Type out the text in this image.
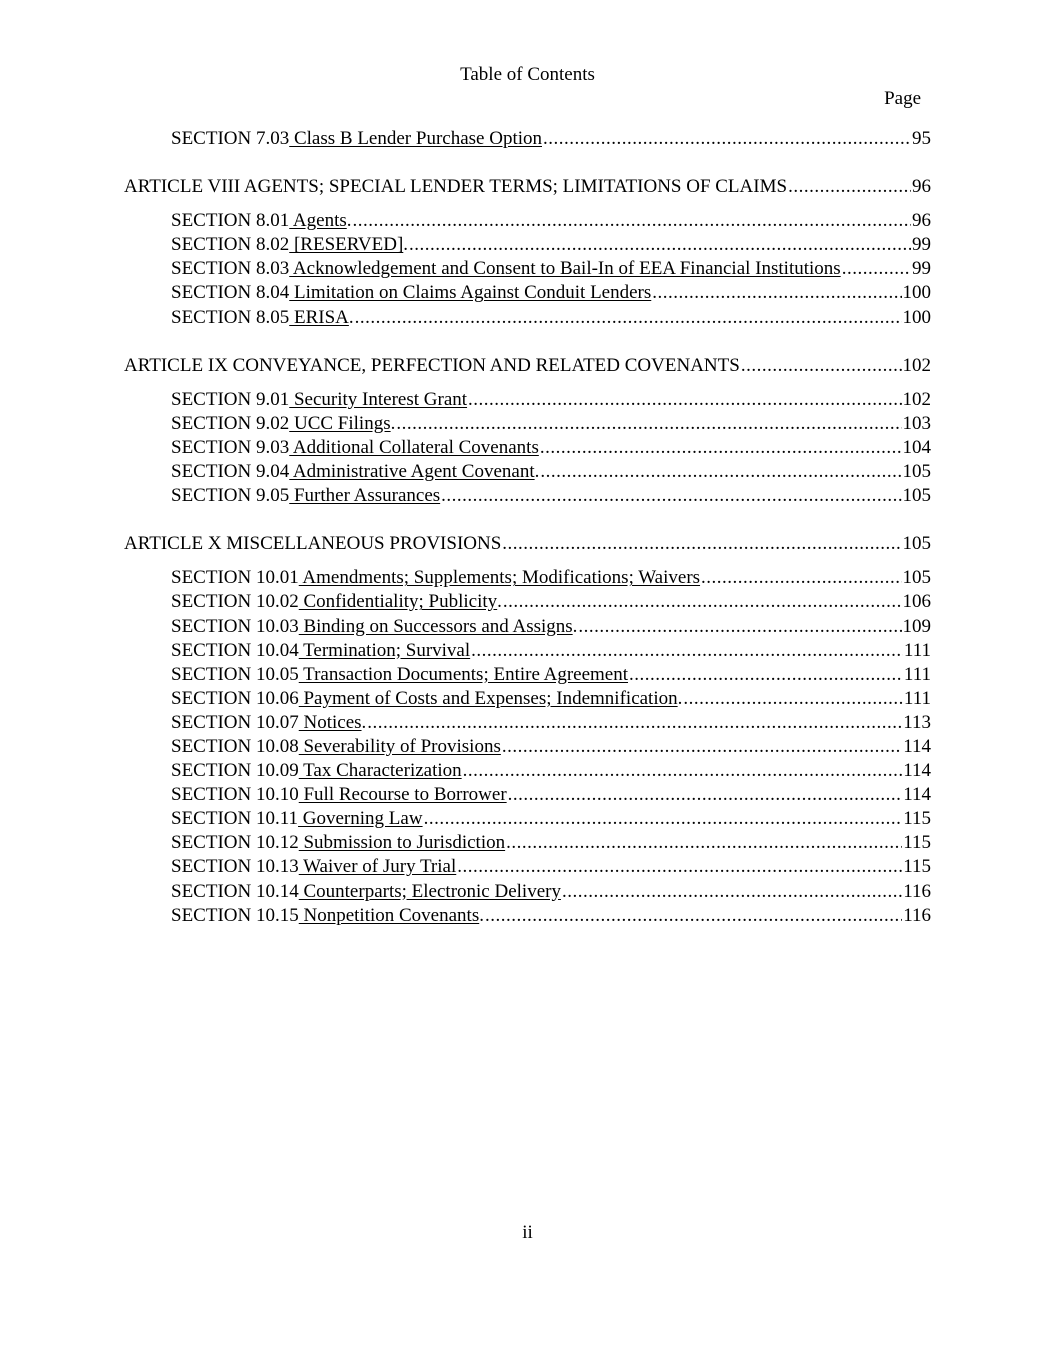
Table of Contents
Page
SECTION 7.03 Class B Lender Purchase Option .....	95
ARTICLE VIII AGENTS; SPECIAL LENDER TERMS; LIMITATIONS OF CLAIMS .....	96
SECTION 8.01 Agents . .....	96
SECTION 8.02 [RESERVED] . .....	99
SECTION 8.03 Acknowledgement and Consent to Bail-In of EEA Financial Institutions .....	99
SECTION 8.04 Limitation on Claims Against Conduit Lenders .....	100
SECTION 8.05 ERISA . .....	100
ARTICLE IX CONVEYANCE, PERFECTION AND RELATED COVENANTS .....	102
SECTION 9.01 Security Interest Grant .....	102
SECTION 9.02 UCC Filings . .....	103
SECTION 9.03 Additional Collateral Covenants .....	104
SECTION 9.04 Administrative Agent Covenant . .....	105
SECTION 9.05 Further Assurances .....	105
ARTICLE X MISCELLANEOUS PROVISIONS .....	105
SECTION 10.01 Amendments; Supplements; Modifications; Waivers .....	105
SECTION 10.02 Confidentiality; Publicity . .....	106
SECTION 10.03 Binding on Successors and Assigns . .....	109
SECTION 10.04 Termination; Survival .....	111
SECTION 10.05 Transaction Documents; Entire Agreement .....	111
SECTION 10.06 Payment of Costs and Expenses; Indemnification . .....	111
SECTION 10.07 Notices . .....	113
SECTION 10.08 Severability of Provisions .....	114
SECTION 10.09 Tax Characterization .....	114
SECTION 10.10 Full Recourse to Borrower .....	114
SECTION 10.11 Governing Law .....	115
SECTION 10.12 Submission to Jurisdiction .....	115
SECTION 10.13 Waiver of Jury Trial .....	115
SECTION 10.14 Counterparts; Electronic Delivery .....	116
SECTION 10.15 Nonpetition Covenants . .....	116
ii
